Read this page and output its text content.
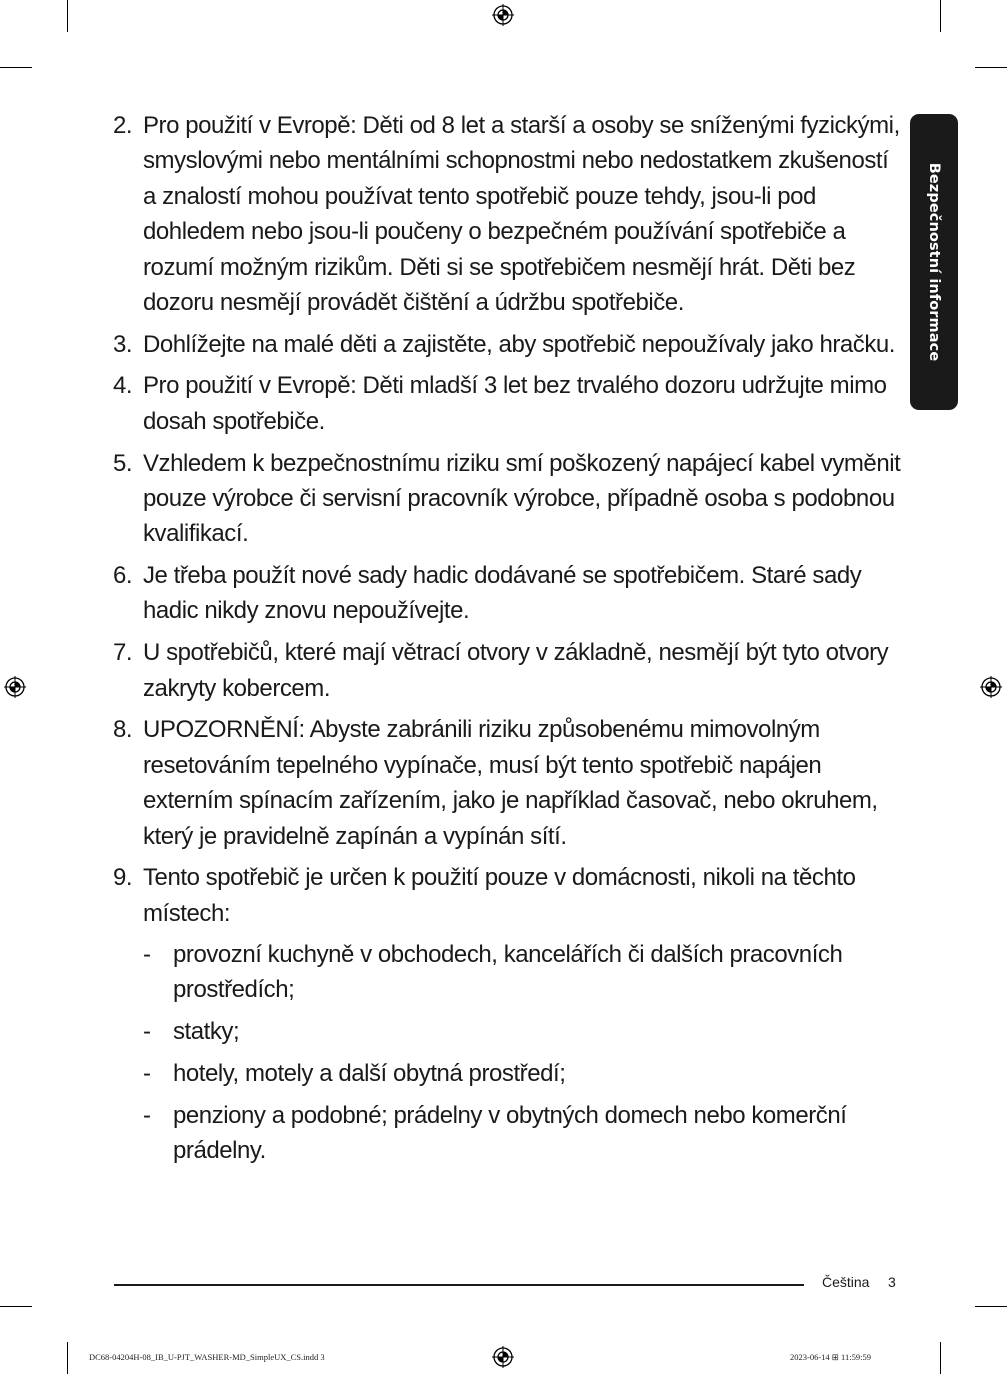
Bezpečnostní informace
2. Pro použití v Evropě: Děti od 8 let a starší a osoby se sníženými fyzickými, smyslovými nebo mentálními schopnostmi nebo nedostatkem zkušeností a znalostí mohou používat tento spotřebič pouze tehdy, jsou-li pod dohledem nebo jsou-li poučeny o bezpečném používání spotřebiče a rozumí možným rizikům. Děti si se spotřebičem nesmějí hrát. Děti bez dozoru nesmějí provádět čištění a údržbu spotřebiče.
3. Dohlížejte na malé děti a zajistěte, aby spotřebič nepoužívaly jako hračku.
4. Pro použití v Evropě: Děti mladší 3 let bez trvalého dozoru udržujte mimo dosah spotřebiče.
5. Vzhledem k bezpečnostnímu riziku smí poškozený napájecí kabel vyměnit pouze výrobce či servisní pracovník výrobce, případně osoba s podobnou kvalifikací.
6. Je třeba použít nové sady hadic dodávané se spotřebičem. Staré sady hadic nikdy znovu nepoužívejte.
7. U spotřebičů, které mají větrací otvory v základně, nesmějí být tyto otvory zakryty kobercem.
8. UPOZORNĚNÍ: Abyste zabránili riziku způsobenému mimovolným resetováním tepelného vypínače, musí být tento spotřebič napájen externím spínacím zařízením, jako je například časovač, nebo okruhem, který je pravidelně zapínán a vypínán sítí.
9. Tento spotřebič je určen k použití pouze v domácnosti, nikoli na těchto místech:
- provozní kuchyně v obchodech, kancelářích či dalších pracovních prostředích;
- statky;
- hotely, motely a další obytná prostředí;
- penziony a podobné; prádelny v obytných domech nebo komerční prádelny.
Čeština 3
DC68-04204H-08_IB_U-PJT_WASHER-MD_SimpleUX_CS.indd 3	2023-06-14 ⊞ 11:59:59
